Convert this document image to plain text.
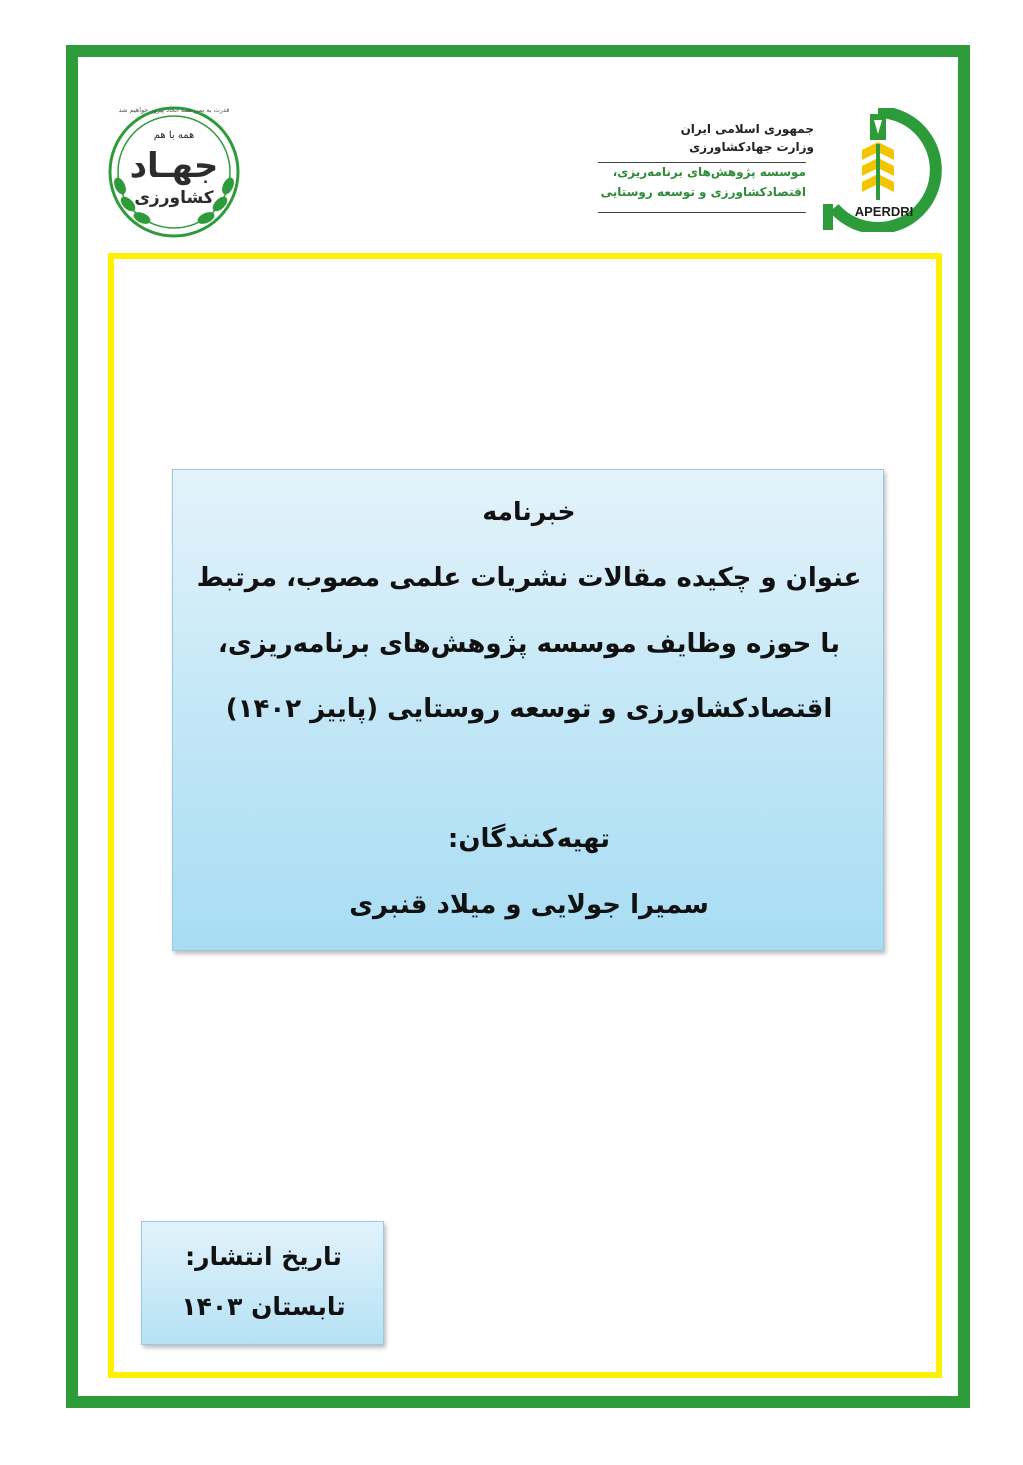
قدرت به یمن همه اتحاد پیروز خواهیم شد
همه با هم
جهـاد
کشاورزی
جمهوری اسلامی ایران
وزارت جهادکشاورزی
موسسه پژوهش‌های برنامه‌ریزی،
اقتصادکشاورزی و توسعه روستایی
APERDRI
خبرنامه
عنوان و چکیده مقالات نشریات علمی مصوب، مرتبط
با حوزه وظایف موسسه پژوهش‌های برنامه‌ریزی،
اقتصادکشاورزی و توسعه روستایی (پاییز ۱۴۰۲)
تهیه‌کنندگان:
سمیرا جولایی و میلاد قنبری
تاریخ انتشار:
تابستان ۱۴۰۳
